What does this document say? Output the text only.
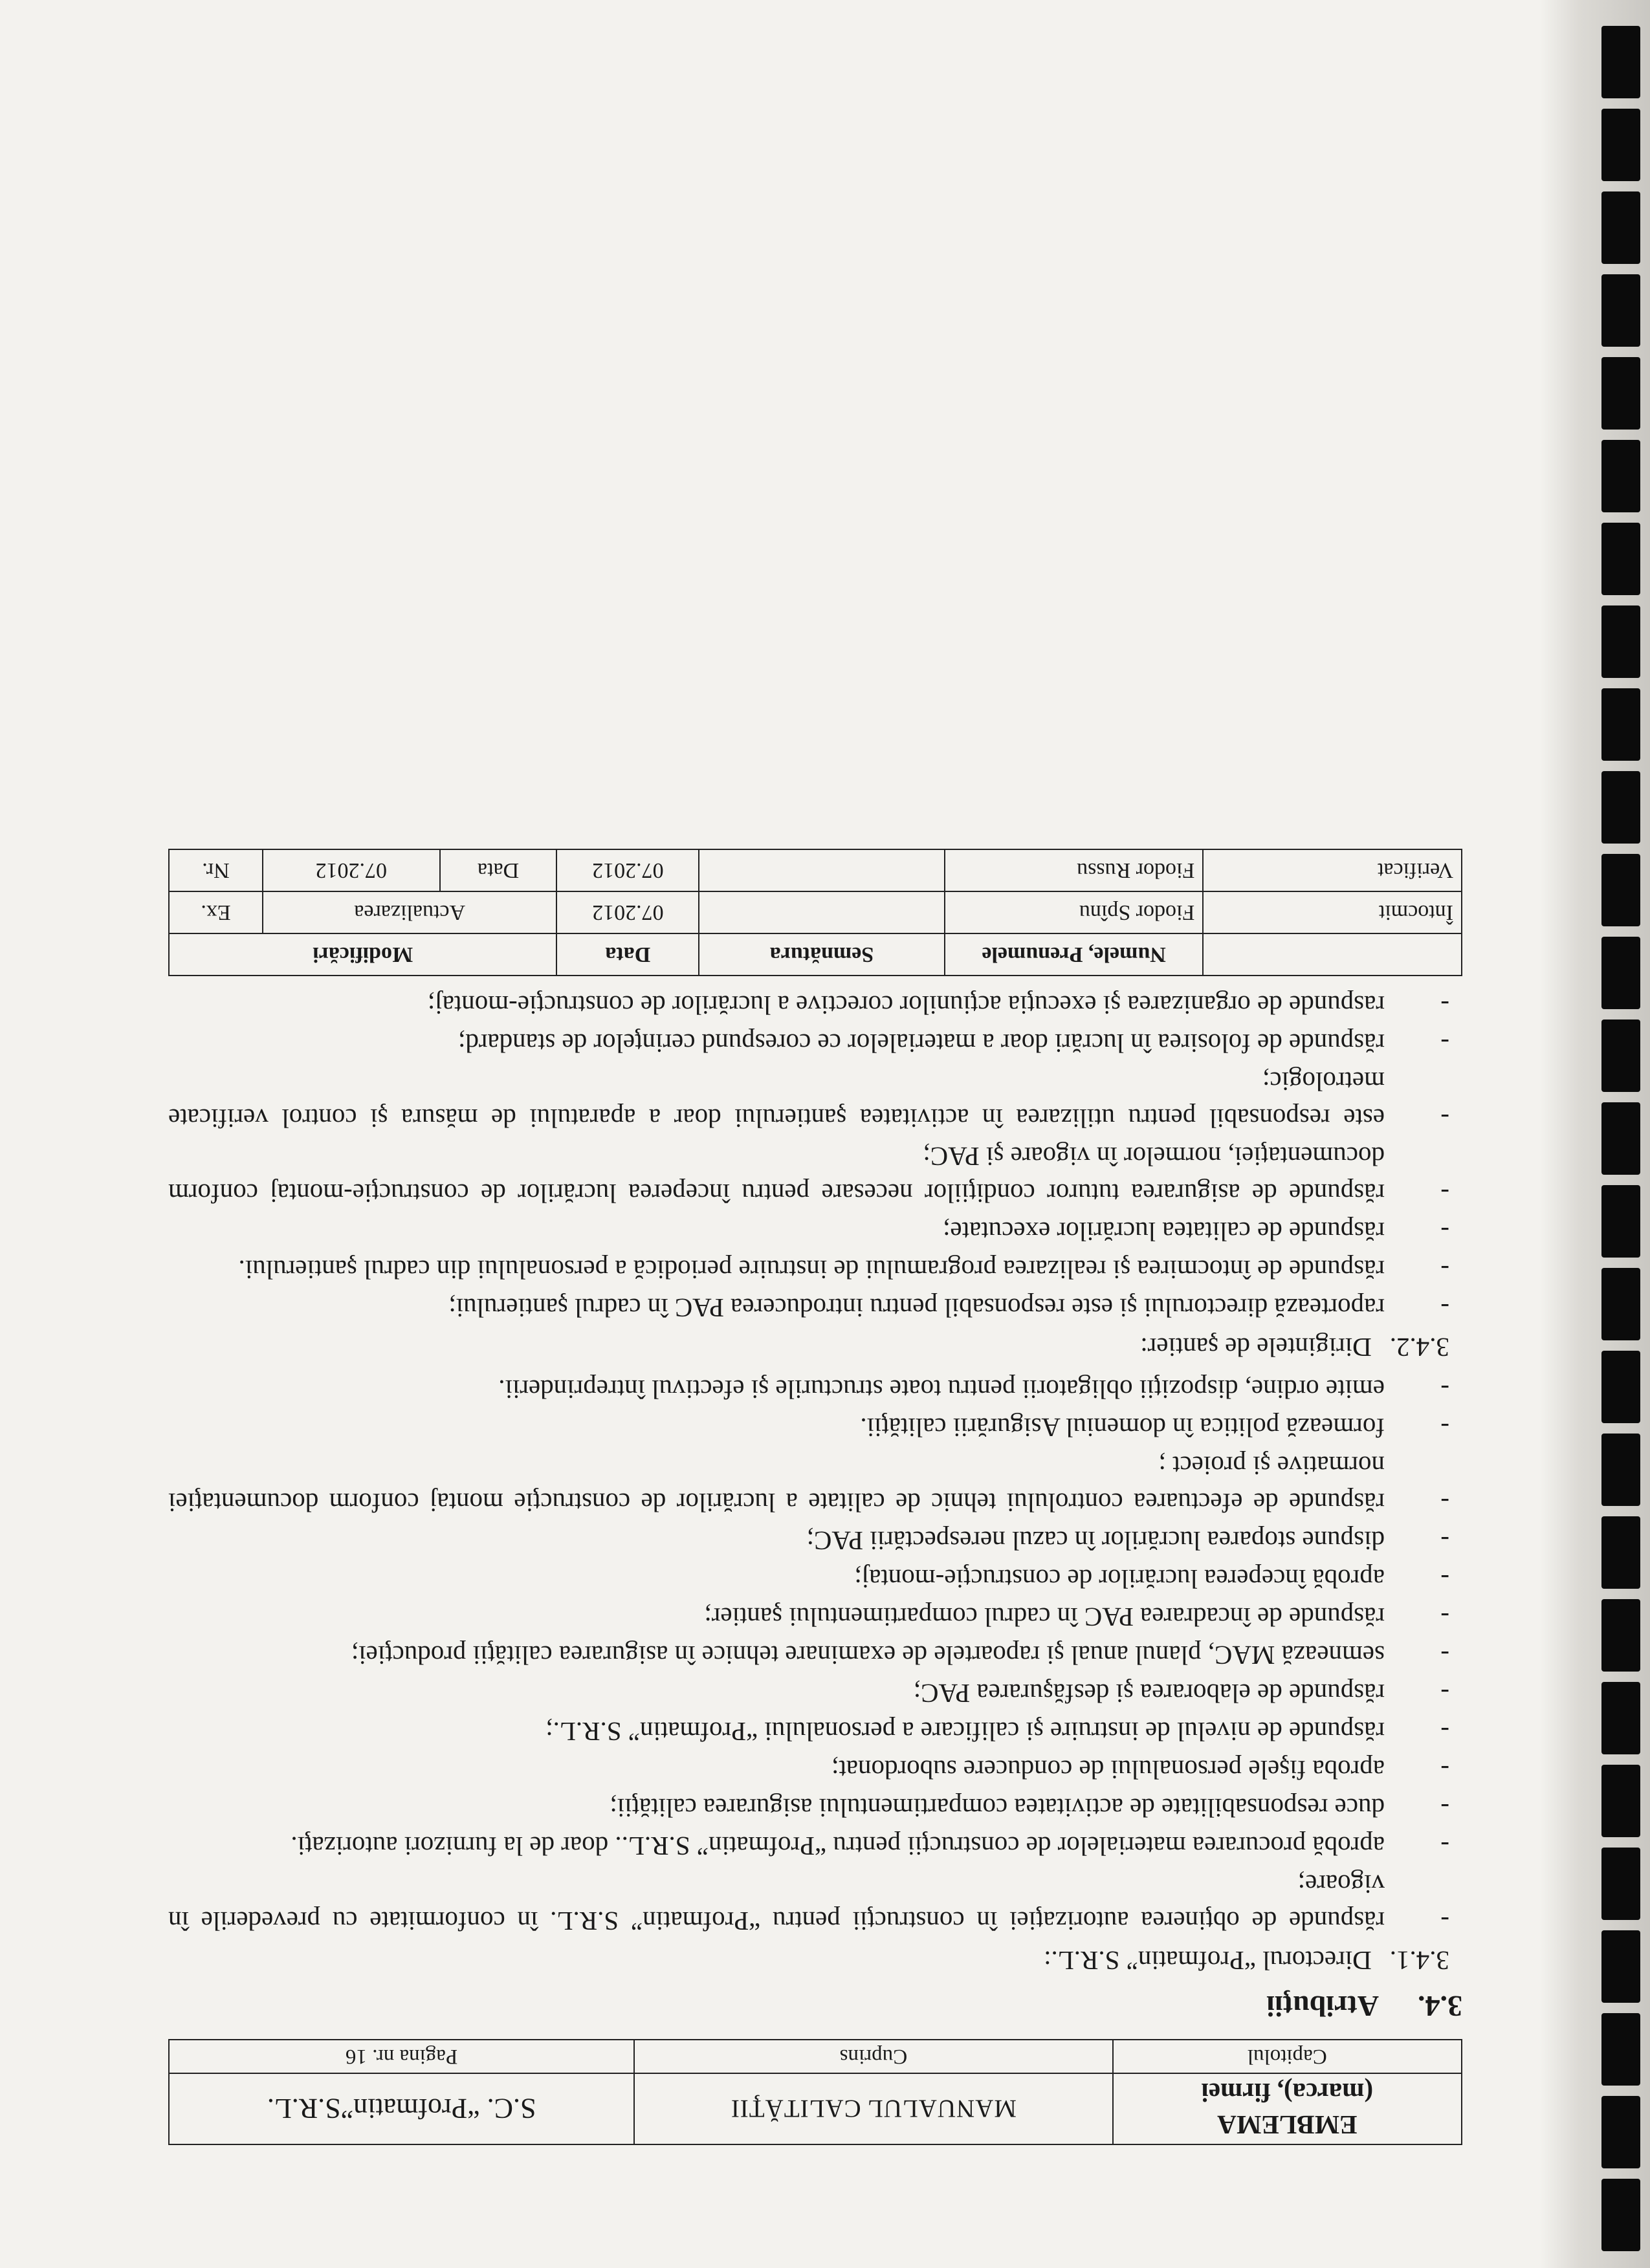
EMBLEMA
(marca), firmei	MANUALUL CALITĂŢII	S.C. “Profmatin”S.R.L.
Capitolul	Cuprins	Pagina nr. 16
3.4.Atribuţii
3.4.1.Directorul “Profmatin” S.R.L.:
-
răspunde de obţinerea autorizaţiei în construcţii pentru “Profmatin” S.R.L. în conformitate cu prevederile în vigoare;
-
aprobă procurarea materialelor de construcţii pentru “Profmatin” S.R.L.. doar de la furnizori autorizaţi.
-
duce responsabilitate de activitatea compartimentului asigurarea calităţii;
-
aproba fişele personalului de conducere subordonat;
-
răspunde de nivelul de instruire şi calificare a personalului “Profmatin” S.R.L.;
-
răspunde de elaborarea şi desfăşurarea PAC;
-
semnează MAC, planul anual şi rapoartele de examinare tehnice în asigurarea calităţii producţiei;
-
răspunde de încadrarea PAC în cadrul compartimentului şantier;
-
aprobă începerea lucrărilor de construcţie-montaj;
-
dispune stoparea lucrărilor în cazul nerespectării PAC;
-
răspunde de efectuarea controlului tehnic de calitate a lucrărilor de construcţie montaj conform documentaţiei normative şi proiect ;
-
formează politica în domeniul Asigurării calităţii.
-
emite ordine, dispoziţii obligatorii pentru toate structurile şi efectivul întreprinderii.
3.4.2.Dirigintele de şantier:
-
raportează directorului şi este responsabil pentru introducerea PAC în cadrul şantierului;
-
răspunde de întocmirea şi realizarea programului de instruire periodică a personalului din cadrul şantierului.
-
răspunde de calitatea lucrărilor executate;
-
răspunde de asigurarea tuturor condiţiilor necesare pentru începerea lucrărilor de construcţie-montaj conform documentaţiei, normelor în vigoare şi PAC;
-
este responsabil pentru utilizarea în activitatea şantierului doar a aparatului de măsura şi control verificate metrologic;
-
răspunde de folosirea în lucrări doar a materialelor ce corespund cerinţelor de standard;
-
raspunde de organizarea şi execuţia acţiunilor corective a lucrărilor de construcţie-montaj;
	Numele, Prenumele	Semnătura	Data	Modificări		
Întocmit	Fiodor Spînu		07.2012	Actualizarea		Ex.
Verificat	Fiodor Russu		07.2012	Data	07.2012	Nr.
